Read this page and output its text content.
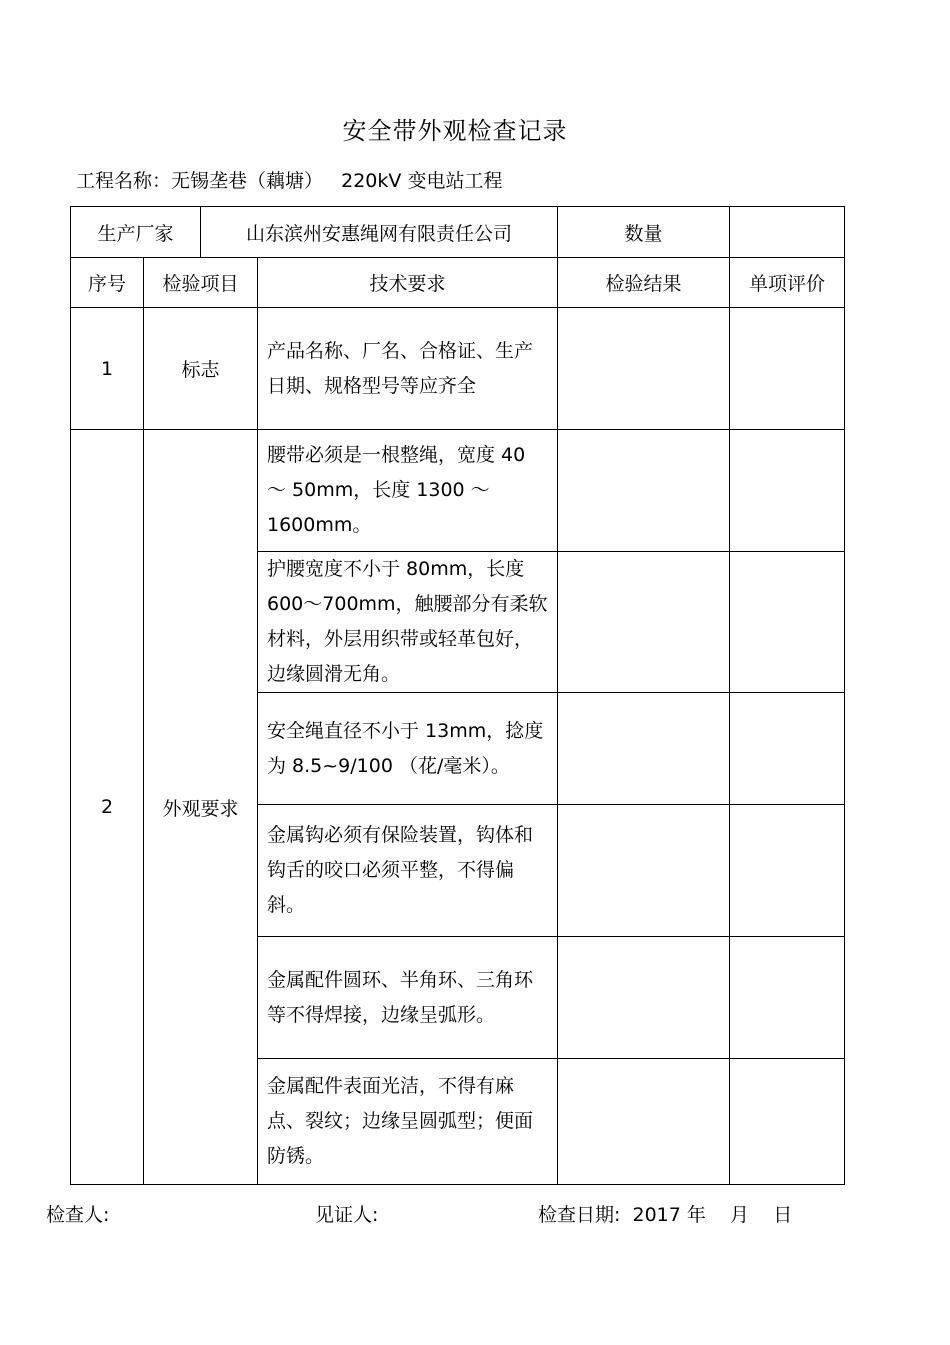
安全带外观检查记录
工程名称：无锡垄巷（藕塘）   220kV 变电站工程
生产厂家		山东滨州安惠绳网有限责任公司		数量	
序号	检验项目		技术要求	检验结果	单项评价
1	标志		产品名称、厂名、合格证、生产日期、规格型号等应齐全		
2	外观要求		腰带必须是一根整绳，宽度 40 ～ 50mm，长度 1300 ～ 1600mm。		
			护腰宽度不小于 80mm，长度 600～700mm，触腰部分有柔软材料，外层用织带或轻革包好，边缘圆滑无角。		
			安全绳直径不小于 13mm，捻度为 8.5~9/100 （花/毫米）。		
			金属钩必须有保险装置，钩体和钩舌的咬口必须平整，不得偏斜。		
			金属配件圆环、半角环、三角环等不得焊接，边缘呈弧形。		
			金属配件表面光洁，不得有麻点、裂纹；边缘呈圆弧型；便面防锈。		
检查人:	见证人:	检查日期: 2017 年    月    日
